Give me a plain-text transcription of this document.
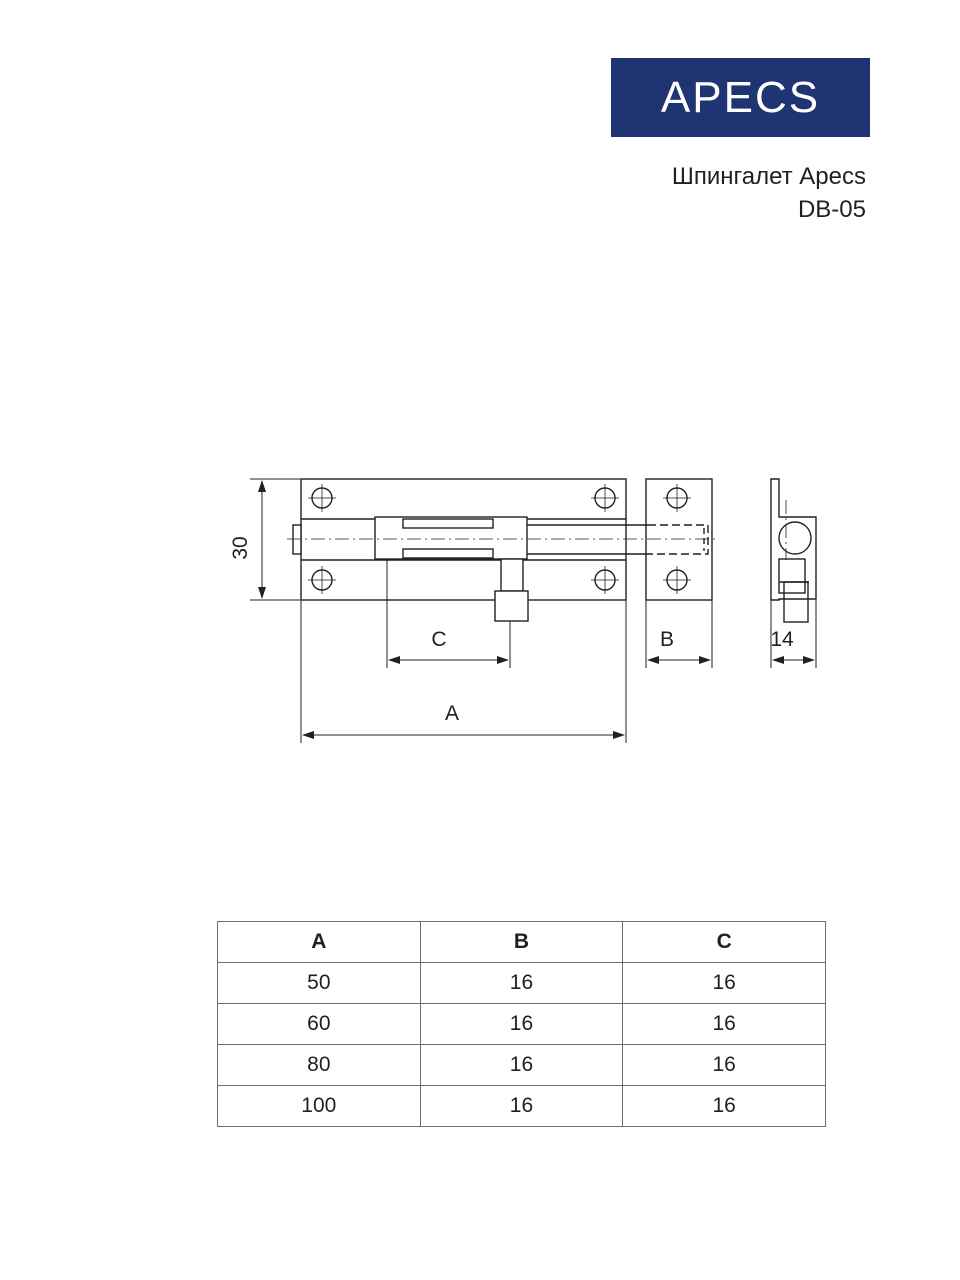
APECS
Шпингалет Apecs
DB-05
30
C	B	14
A
A	B	C
50	16	16
60	16	16
80	16	16
100	16	16
